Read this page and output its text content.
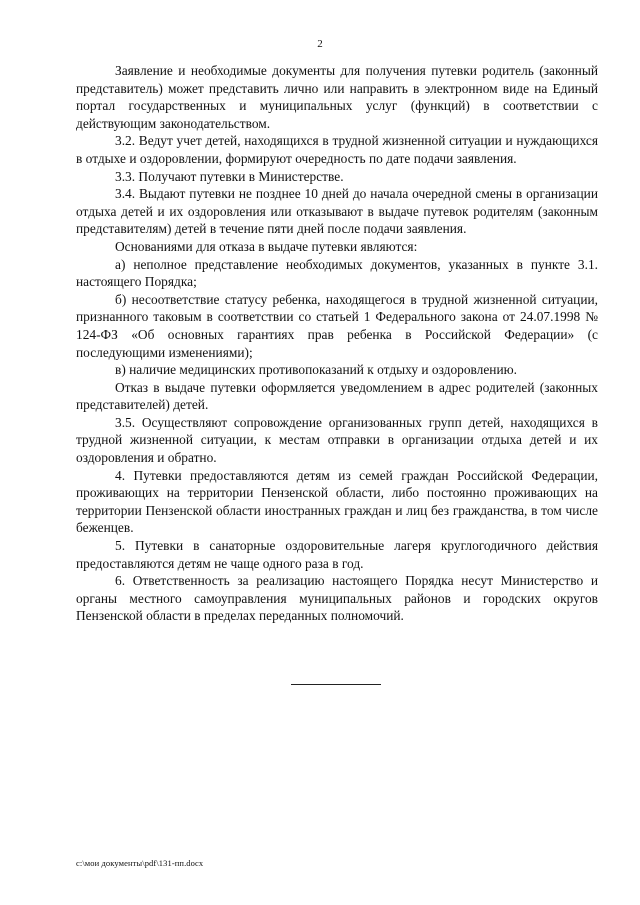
2

Заявление и необходимые документы для получения путевки родитель (законный представитель) может представить лично или направить в электронном виде на Единый портал государственных и муниципальных услуг (функций) в соответствии с действующим законодательством.

3.2. Ведут учет детей, находящихся в трудной жизненной ситуации и нуждающихся в отдыхе и оздоровлении, формируют очередность по дате подачи заявления.

3.3. Получают путевки в Министерстве.

3.4. Выдают путевки не позднее 10 дней до начала очередной смены в организации отдыха детей и их оздоровления или отказывают в выдаче путевок родителям (законным представителям) детей в течение пяти дней после подачи заявления.

Основаниями для отказа в выдаче путевки являются:

а) неполное представление необходимых документов, указанных в пункте 3.1. настоящего Порядка;

б) несоответствие статусу ребенка, находящегося в трудной жизненной ситуации, признанного таковым в соответствии со статьей 1 Федерального закона от 24.07.1998 № 124-ФЗ «Об основных гарантиях прав ребенка в Российской Федерации» (с последующими изменениями);

в) наличие медицинских противопоказаний к отдыху и оздоровлению.

Отказ в выдаче путевки оформляется уведомлением в адрес родителей (законных представителей) детей.

3.5. Осуществляют сопровождение организованных групп детей, находящихся в трудной жизненной ситуации, к местам отправки в организации отдыха детей и их оздоровления и обратно.

4. Путевки предоставляются детям из семей граждан Российской Федерации, проживающих на территории Пензенской области, либо постоянно проживающих на территории Пензенской области иностранных граждан и лиц без гражданства, в том числе беженцев.

5. Путевки в санаторные оздоровительные лагеря круглогодичного действия предоставляются детям не чаще одного раза в год.

6. Ответственность за реализацию настоящего Порядка несут Министерство и органы местного самоуправления муниципальных районов и городских округов Пензенской области в пределах переданных полномочий.

c:\мои документы\pdf\131-пп.docx
